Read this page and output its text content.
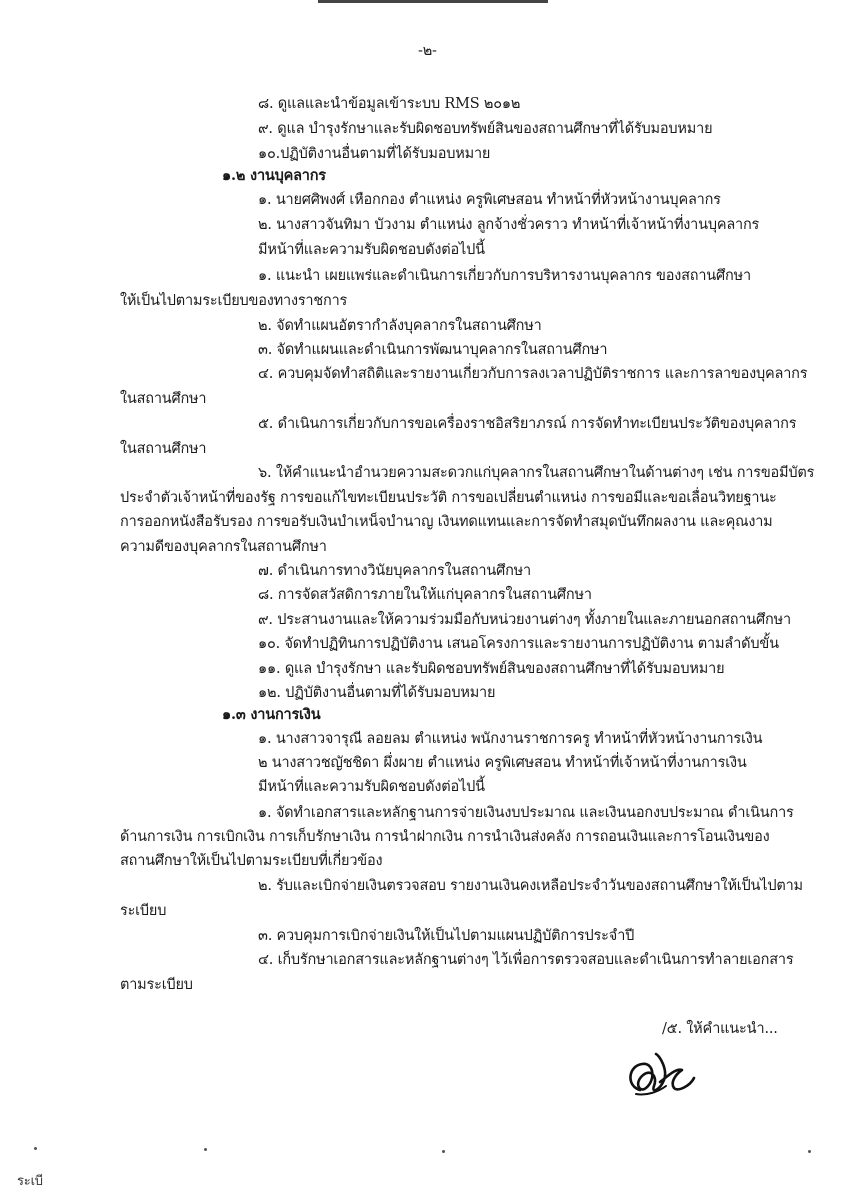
-๒-
๘. ดูแลและนำข้อมูลเข้าระบบ RMS ๒๐๑๒
๙. ดูแล บำรุงรักษาและรับผิดชอบทรัพย์สินของสถานศึกษาที่ได้รับมอบหมาย
๑๐.ปฏิบัติงานอื่นตามที่ได้รับมอบหมาย
๑.๒ งานบุคลากร
๑. นายศศิพงศ์ เหือกกอง ตำแหน่ง ครูพิเศษสอน ทำหน้าที่หัวหน้างานบุคลากร
๒. นางสาวจันทิมา บัวงาม ตำแหน่ง ลูกจ้างชั่วคราว ทำหน้าที่เจ้าหน้าที่งานบุคลากร
มีหน้าที่และความรับผิดชอบดังต่อไปนี้
๑. แนะนำ เผยแพร่และดำเนินการเกี่ยวกับการบริหารงานบุคลากร ของสถานศึกษา
ให้เป็นไปตามระเบียบของทางราชการ
๒. จัดทำแผนอัตรากำลังบุคลากรในสถานศึกษา
๓. จัดทำแผนและดำเนินการพัฒนาบุคลากรในสถานศึกษา
๔. ควบคุมจัดทำสถิติและรายงานเกี่ยวกับการลงเวลาปฏิบัติราชการ และการลาของบุคลากร
ในสถานศึกษา
๕. ดำเนินการเกี่ยวกับการขอเครื่องราชอิสริยาภรณ์ การจัดทำทะเบียนประวัติของบุคลากร
ในสถานศึกษา
๖. ให้คำแนะนำอำนวยความสะดวกแก่บุคลากรในสถานศึกษาในด้านต่างๆ เช่น การขอมีบัตร
ประจำตัวเจ้าหน้าที่ของรัฐ การขอแก้ไขทะเบียนประวัติ การขอเปลี่ยนตำแหน่ง การขอมีและขอเลื่อนวิทยฐานะ
การออกหนังสือรับรอง การขอรับเงินบำเหน็จบำนาญ เงินทดแทนและการจัดทำสมุดบันทึกผลงาน และคุณงาม
ความดีของบุคลากรในสถานศึกษา
๗. ดำเนินการทางวินัยบุคลากรในสถานศึกษา
๘. การจัดสวัสดิการภายในให้แก่บุคลากรในสถานศึกษา
๙. ประสานงานและให้ความร่วมมือกับหน่วยงานต่างๆ ทั้งภายในและภายนอกสถานศึกษา
๑๐. จัดทำปฏิทินการปฏิบัติงาน เสนอโครงการและรายงานการปฏิบัติงาน ตามลำดับขั้น
๑๑. ดูแล บำรุงรักษา และรับผิดชอบทรัพย์สินของสถานศึกษาที่ได้รับมอบหมาย
๑๒. ปฏิบัติงานอื่นตามที่ได้รับมอบหมาย
๑.๓ งานการเงิน
๑. นางสาวจารุณี ลอยลม ตำแหน่ง พนักงานราชการครู ทำหน้าที่หัวหน้างานการเงิน
๒ นางสาวชญัชชิดา ผึ่งผาย ตำแหน่ง ครูพิเศษสอน ทำหน้าที่เจ้าหน้าที่งานการเงิน
มีหน้าที่และความรับผิดชอบดังต่อไปนี้
๑. จัดทำเอกสารและหลักฐานการจ่ายเงินงบประมาณ และเงินนอกงบประมาณ ดำเนินการ
ด้านการเงิน การเบิกเงิน การเก็บรักษาเงิน การนำฝากเงิน การนำเงินส่งคลัง การถอนเงินและการโอนเงินของ
สถานศึกษาให้เป็นไปตามระเบียบที่เกี่ยวข้อง
๒. รับและเบิกจ่ายเงินตรวจสอบ รายงานเงินคงเหลือประจำวันของสถานศึกษาให้เป็นไปตาม
ระเบียบ
๓. ควบคุมการเบิกจ่ายเงินให้เป็นไปตามแผนปฏิบัติการประจำปี
๔. เก็บรักษาเอกสารและหลักฐานต่างๆ ไว้เพื่อการตรวจสอบและดำเนินการทำลายเอกสาร
ตามระเบียบ
/๕. ให้คำแนะนำ...
ระเบี
